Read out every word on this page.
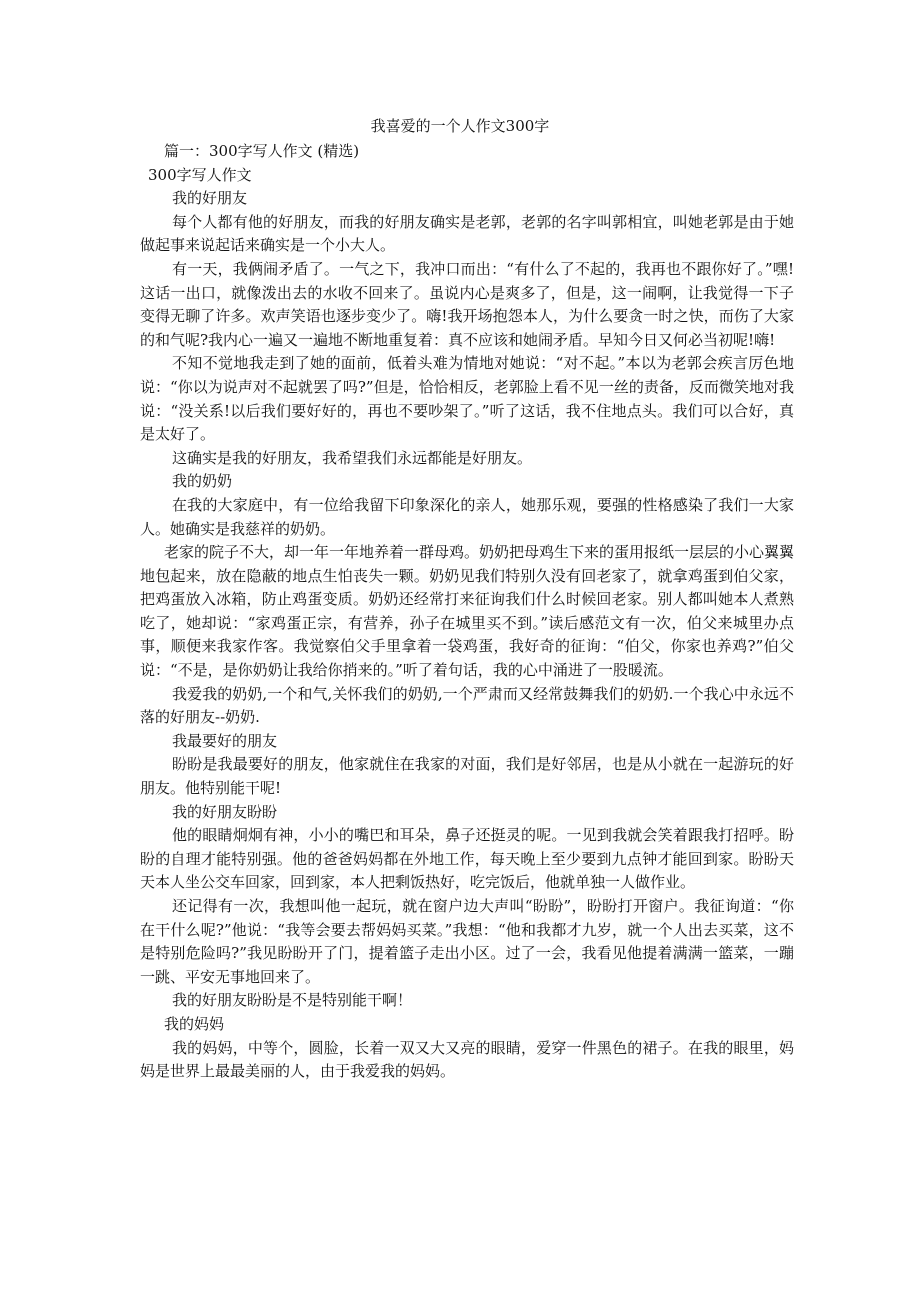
我喜爱的一个人作文300字

篇一：300字写人作文 (精选)

300字写人作文

我的好朋友

每个人都有他的好朋友，而我的好朋友确实是老郭，老郭的名字叫郭相宜，叫她老郭是由于她做起事来说起话来确实是一个小大人。

有一天，我俩闹矛盾了。一气之下，我冲口而出：“有什么了不起的，我再也不跟你好了。”嘿!这话一出口，就像泼出去的水收不回来了。虽说内心是爽多了，但是，这一闹啊，让我觉得一下子变得无聊了许多。欢声笑语也逐步变少了。嗨!我开场抱怨本人，为什么要贪一时之快，而伤了大家的和气呢?我内心一遍又一遍地不断地重复着：真不应该和她闹矛盾。早知今日又何必当初呢!嗨!

不知不觉地我走到了她的面前，低着头难为情地对她说：“对不起。”本以为老郭会疾言厉色地说：“你以为说声对不起就罢了吗?”但是，恰恰相反，老郭脸上看不见一丝的责备，反而微笑地对我说：“没关系!以后我们要好好的，再也不要吵架了。”听了这话，我不住地点头。我们可以合好，真是太好了。

这确实是我的好朋友，我希望我们永远都能是好朋友。

我的奶奶

在我的大家庭中，有一位给我留下印象深化的亲人，她那乐观，要强的性格感染了我们一大家人。她确实是我慈祥的奶奶。

老家的院子不大，却一年一年地养着一群母鸡。奶奶把母鸡生下来的蛋用报纸一层层的小心翼翼地包起来，放在隐蔽的地点生怕丧失一颗。奶奶见我们特别久没有回老家了，就拿鸡蛋到伯父家，把鸡蛋放入冰箱，防止鸡蛋变质。奶奶还经常打来征询我们什么时候回老家。别人都叫她本人煮熟吃了，她却说：“家鸡蛋正宗，有营养，孙子在城里买不到。”读后感范文有一次，伯父来城里办点事，顺便来我家作客。我觉察伯父手里拿着一袋鸡蛋，我好奇的征询：“伯父，你家也养鸡?”伯父说：“不是，是你奶奶让我给你捎来的。”听了着句话，我的心中涌进了一股暖流。

我爱我的奶奶,一个和气,关怀我们的奶奶,一个严肃而又经常鼓舞我们的奶奶.一个我心中永远不落的好朋友--奶奶.

我最要好的朋友

盼盼是我最要好的朋友，他家就住在我家的对面，我们是好邻居，也是从小就在一起游玩的好朋友。他特别能干呢!

我的好朋友盼盼

他的眼睛炯炯有神，小小的嘴巴和耳朵，鼻子还挺灵的呢。一见到我就会笑着跟我打招呼。盼盼的自理才能特别强。他的爸爸妈妈都在外地工作，每天晚上至少要到九点钟才能回到家。盼盼天天本人坐公交车回家，回到家，本人把剩饭热好，吃完饭后，他就单独一人做作业。

还记得有一次，我想叫他一起玩，就在窗户边大声叫“盼盼”，盼盼打开窗户。我征询道：“你在干什么呢?”他说：“我等会要去帮妈妈买菜。”我想：“他和我都才九岁，就一个人出去买菜，这不是特别危险吗?”我见盼盼开了门，提着篮子走出小区。过了一会，我看见他提着满满一篮菜，一蹦一跳、平安无事地回来了。

我的好朋友盼盼是不是特别能干啊！

我的妈妈

我的妈妈，中等个，圆脸，长着一双又大又亮的眼睛，爱穿一件黑色的裙子。在我的眼里，妈妈是世界上最最美丽的人，由于我爱我的妈妈。
